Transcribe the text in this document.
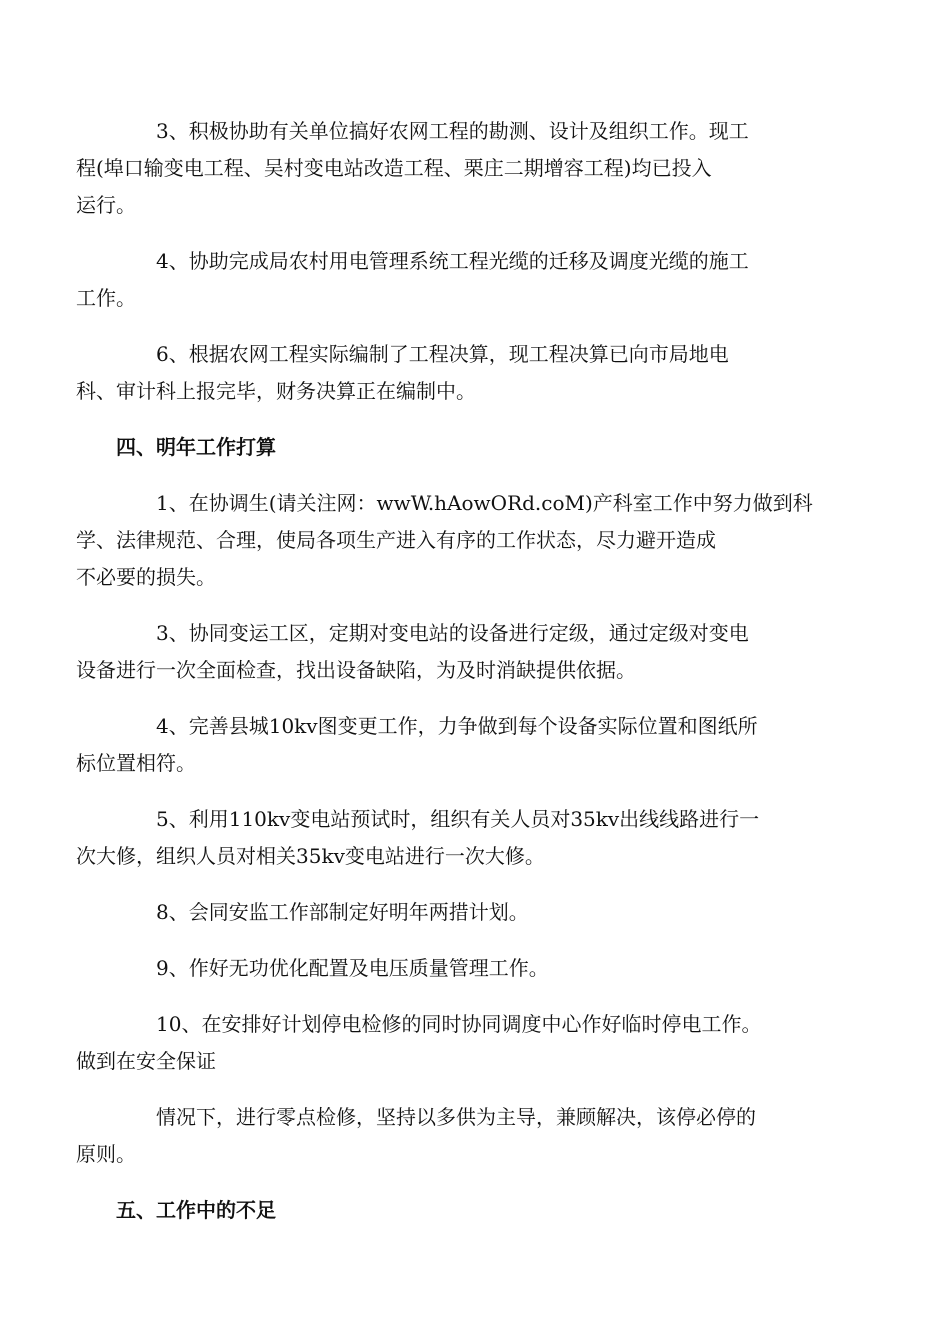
3、积极协助有关单位搞好农网工程的勘测、设计及组织工作。现工
程(埠口输变电工程、吴村变电站改造工程、栗庄二期增容工程)均已投入
运行。

4、协助完成局农村用电管理系统工程光缆的迁移及调度光缆的施工
工作。

6、根据农网工程实际编制了工程决算，现工程决算已向市局地电
科、审计科上报完毕，财务决算正在编制中。

四、明年工作打算

1、在协调生(请关注网：wwW.hAowORd.coM)产科室工作中努力做到科
学、法律规范、合理，使局各项生产进入有序的工作状态，尽力避开造成
不必要的损失。

3、协同变运工区，定期对变电站的设备进行定级，通过定级对变电
设备进行一次全面检查，找出设备缺陷，为及时消缺提供依据。

4、完善县城10kv图变更工作，力争做到每个设备实际位置和图纸所
标位置相符。

5、利用110kv变电站预试时，组织有关人员对35kv出线线路进行一
次大修，组织人员对相关35kv变电站进行一次大修。

8、会同安监工作部制定好明年两措计划。

9、作好无功优化配置及电压质量管理工作。

10、在安排好计划停电检修的同时协同调度中心作好临时停电工作。
做到在安全保证

情况下，进行零点检修，坚持以多供为主导，兼顾解决，该停必停的
原则。

五、工作中的不足
